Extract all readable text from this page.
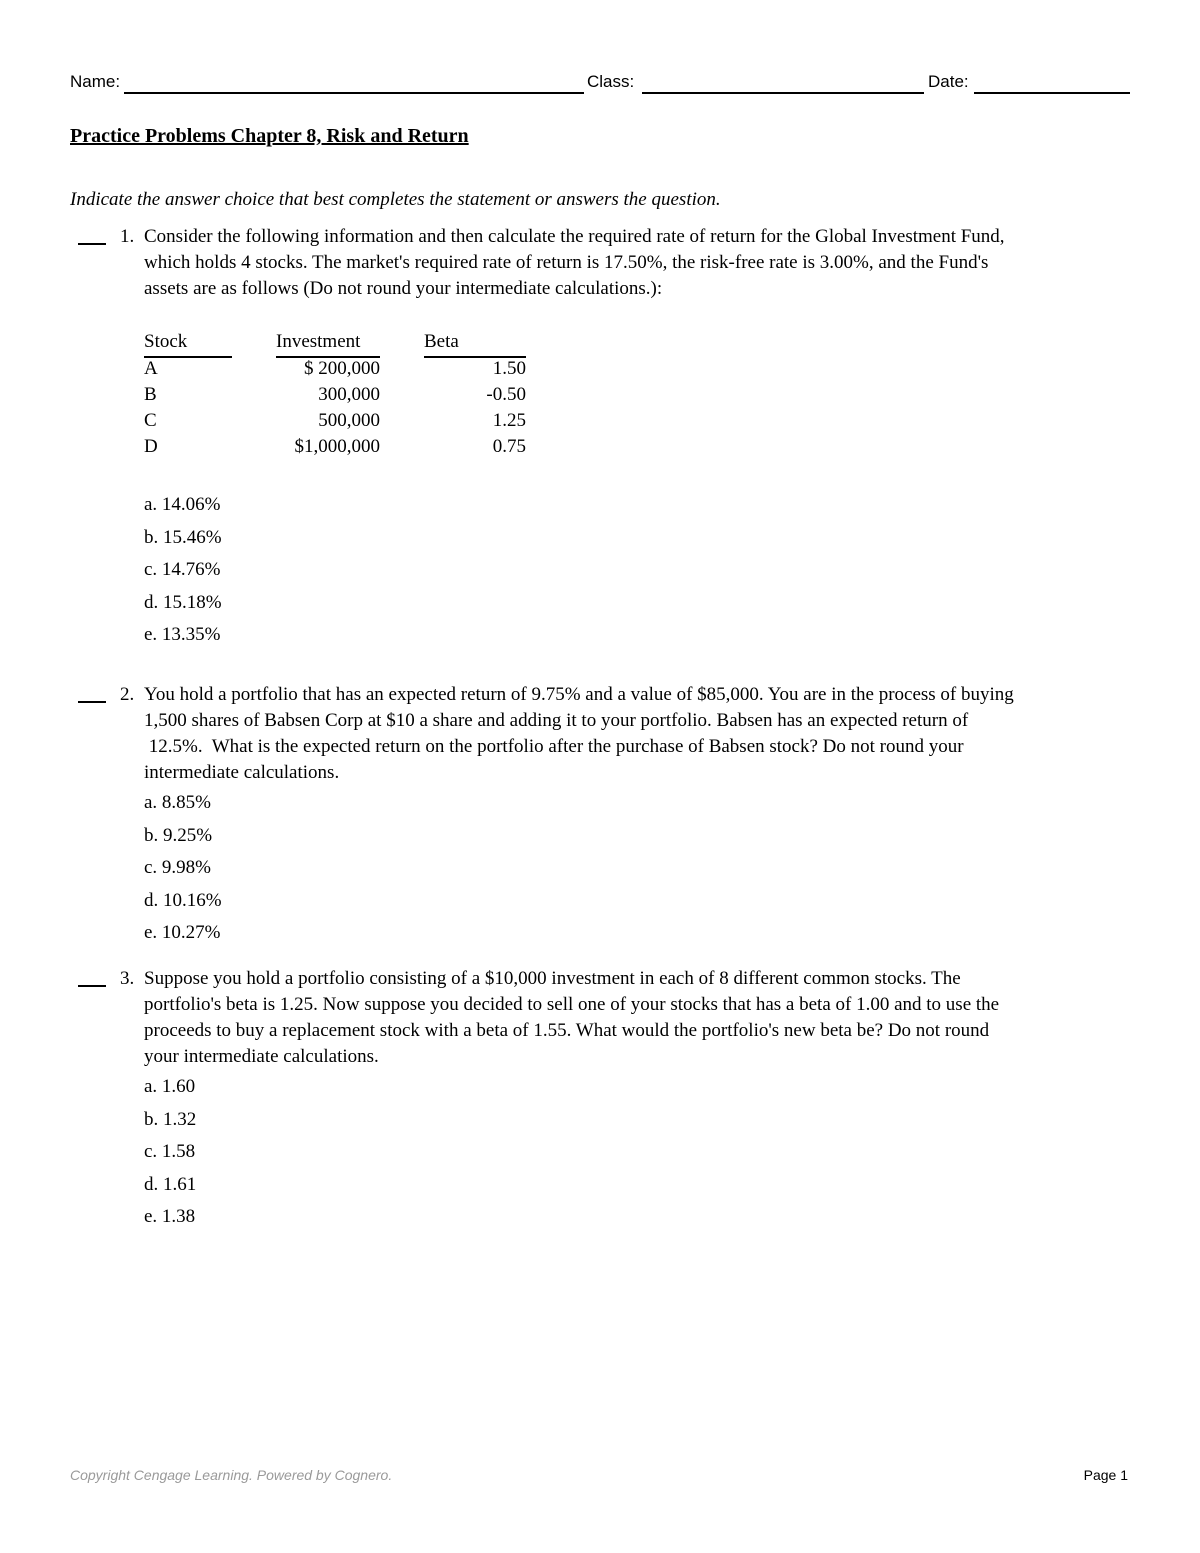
Name:	Class:	Date:
Practice Problems Chapter 8, Risk and Return
Indicate the answer choice that best completes the statement or answers the question.
1. Consider the following information and then calculate the required rate of return for the Global Investment Fund,
which holds 4 stocks. The market's required rate of return is 17.50%, the risk-free rate is 3.00%, and the Fund's
assets are as follows (Do not round your intermediate calculations.):
Stock	Investment	Beta
A	$ 200,000	1.50
B	300,000	-0.50
C	500,000	1.25
D	$1,000,000	0.75
a. 14.06%
b. 15.46%
c. 14.76%
d. 15.18%
e. 13.35%
2. You hold a portfolio that has an expected return of 9.75% and a value of $85,000. You are in the process of buying
1,500 shares of Babsen Corp at $10 a share and adding it to your portfolio. Babsen has an expected return of
12.5%.  What is the expected return on the portfolio after the purchase of Babsen stock? Do not round your
intermediate calculations.
a. 8.85%
b. 9.25%
c. 9.98%
d. 10.16%
e. 10.27%
3. Suppose you hold a portfolio consisting of a $10,000 investment in each of 8 different common stocks. The
portfolio's beta is 1.25. Now suppose you decided to sell one of your stocks that has a beta of 1.00 and to use the
proceeds to buy a replacement stock with a beta of 1.55. What would the portfolio's new beta be? Do not round
your intermediate calculations.
a. 1.60
b. 1.32
c. 1.58
d. 1.61
e. 1.38
Copyright Cengage Learning. Powered by Cognero.	Page 1
